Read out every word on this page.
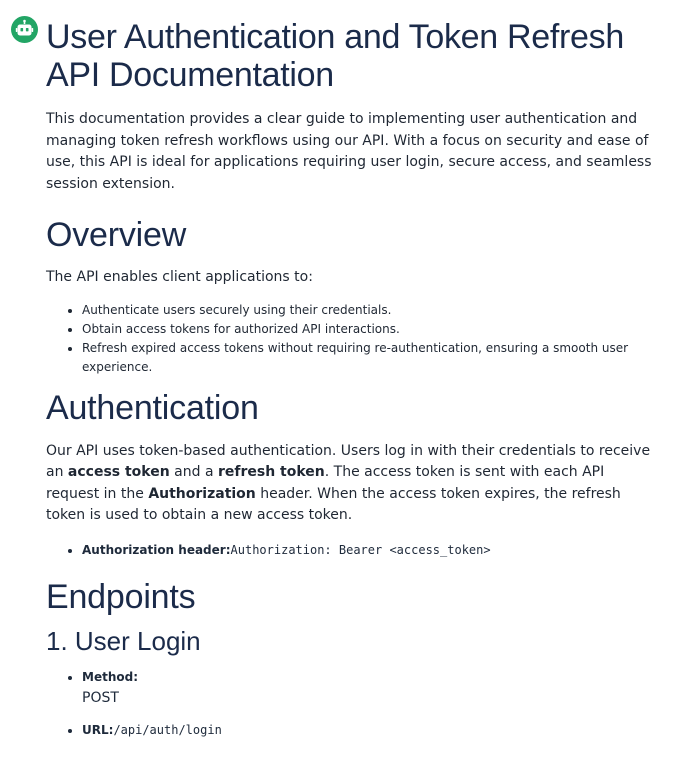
User Authentication and Token Refresh API Documentation

This documentation provides a clear guide to implementing user authentication and managing token refresh workflows using our API. With a focus on security and ease of use, this API is ideal for applications requiring user login, secure access, and seamless session extension.

Overview

The API enables client applications to:

• Authenticate users securely using their credentials.
• Obtain access tokens for authorized API interactions.
• Refresh expired access tokens without requiring re-authentication, ensuring a smooth user experience.
Authentication

Our API uses token-based authentication. Users log in with their credentials to receive an access token and a refresh token. The access token is sent with each API request in the Authorization header. When the access token expires, the refresh token is used to obtain a new access token.

• Authorization header:Authorization: Bearer <access_token>
Endpoints
1. User Login
• Method:
POST
• URL:/api/auth/login
